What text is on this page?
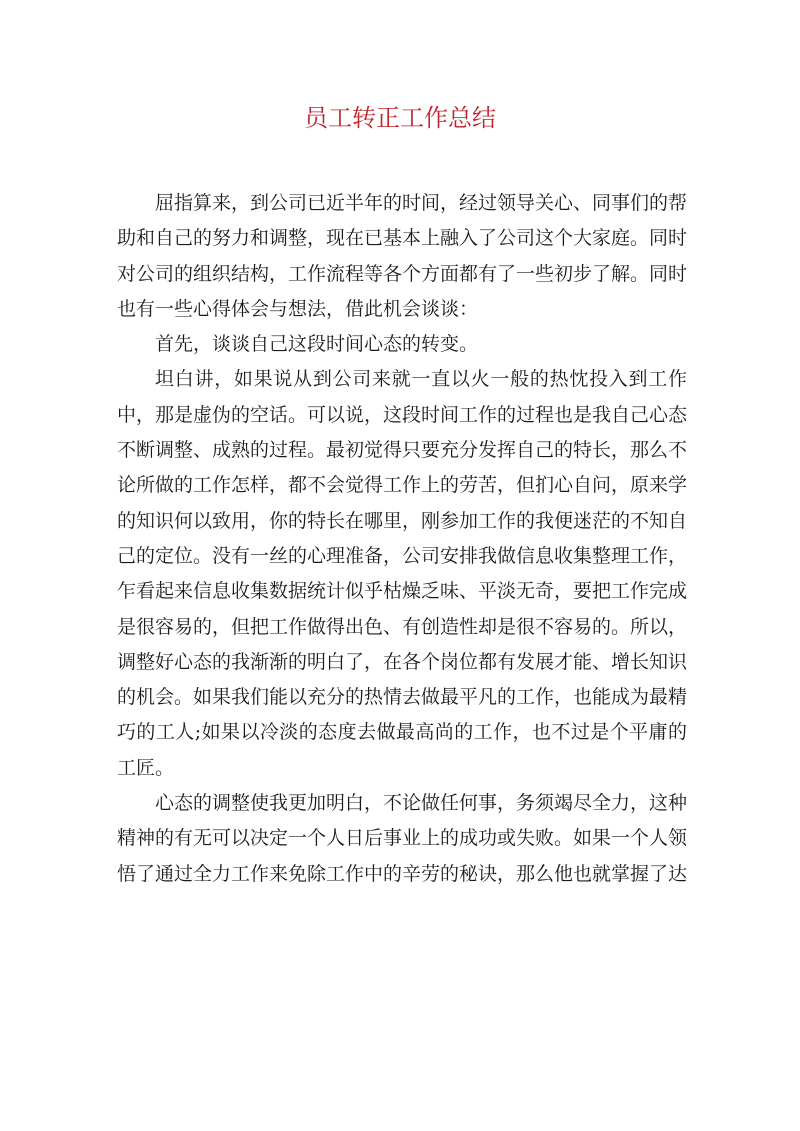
员工转正工作总结

屈指算来，到公司已近半年的时间，经过领导关心、同事们的帮助和自己的努力和调整，现在已基本上融入了公司这个大家庭。同时对公司的组织结构，工作流程等各个方面都有了一些初步了解。同时也有一些心得体会与想法，借此机会谈谈：

首先，谈谈自己这段时间心态的转变。

坦白讲，如果说从到公司来就一直以火一般的热忱投入到工作中，那是虚伪的空话。可以说，这段时间工作的过程也是我自己心态不断调整、成熟的过程。最初觉得只要充分发挥自己的特长，那么不论所做的工作怎样，都不会觉得工作上的劳苦，但扪心自问，原来学的知识何以致用，你的特长在哪里，刚参加工作的我便迷茫的不知自己的定位。没有一丝的心理准备，公司安排我做信息收集整理工作，乍看起来信息收集数据统计似乎枯燥乏味、平淡无奇，要把工作完成是很容易的，但把工作做得出色、有创造性却是很不容易的。所以，调整好心态的我渐渐的明白了，在各个岗位都有发展才能、增长知识的机会。如果我们能以充分的热情去做最平凡的工作，也能成为最精巧的工人;如果以冷淡的态度去做最高尚的工作，也不过是个平庸的工匠。

心态的调整使我更加明白，不论做任何事，务须竭尽全力，这种精神的有无可以决定一个人日后事业上的成功或失败。如果一个人领悟了通过全力工作来免除工作中的辛劳的秘诀，那么他也就掌握了达
